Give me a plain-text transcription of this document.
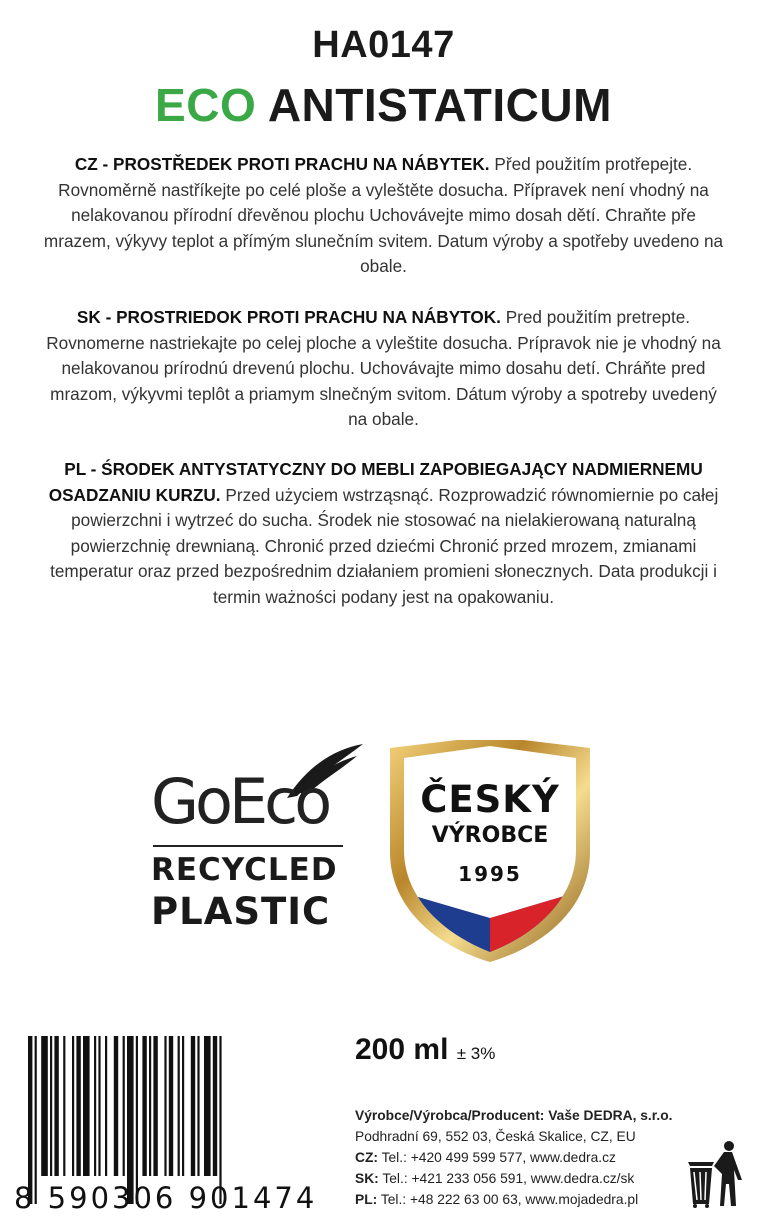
HA0147
ECO ANTISTATICUM
CZ - PROSTŘEDEK PROTI PRACHU NA NÁBYTEK. Před použitím protřepejte. Rovnoměrně nastříkejte po celé ploše a vyleštěte dosucha. Přípravek není vhodný na nelakovanou přírodní dřevěnou plochu Uchovávejte mimo dosah dětí. Chraňte pře mrazem, výkyvy teplot a přímým slunečním svitem. Datum výroby a spotřeby uvedeno na obale.
SK - PROSTRIEDOK PROTI PRACHU NA NÁBYTOK. Pred použitím pretrepte. Rovnomerne nastriekajte po celej ploche a vyleštite dosucha. Prípravok nie je vhodný na nelakovanou prírodnú drevenú plochu. Uchovávajte mimo dosahu detí. Chráňte pred mrazom, výkyvmi teplôt a priamym slnečným svitom. Dátum výroby a spotreby uvedený na obale.
PL - ŚRODEK ANTYSTATYCZNY DO MEBLI ZAPOBIEGAJĄCY NADMIERNEMU OSADZANIU KURZU. Przed użyciem wstrząsnąć. Rozprowadzić równomiernie po całej powierzchni i wytrzeć do sucha. Środek nie stosować na nielakierowaną naturalną powierzchnię drewnianą. Chronić przed dziećmi Chronić przed mrozem, zmianami temperatur oraz przed bezpośrednim działaniem promieni słonecznych. Data produkcji i termin ważności podany jest na opakowaniu.
GoEco
RECYCLED
PLASTIC
ČESKÝ
VÝROBCE
1995
8 590306 901474
200 ml ± 3%
Výrobce/Výrobca/Producent: Vaše DEDRA, s.r.o.
Podhradní 69, 552 03, Česká Skalice, CZ, EU
CZ: Tel.: +420 499 599 577, www.dedra.cz
SK: Tel.: +421 233 056 591, www.dedra.cz/sk
PL: Tel.: +48 222 63 00 63, www.mojadedra.pl
